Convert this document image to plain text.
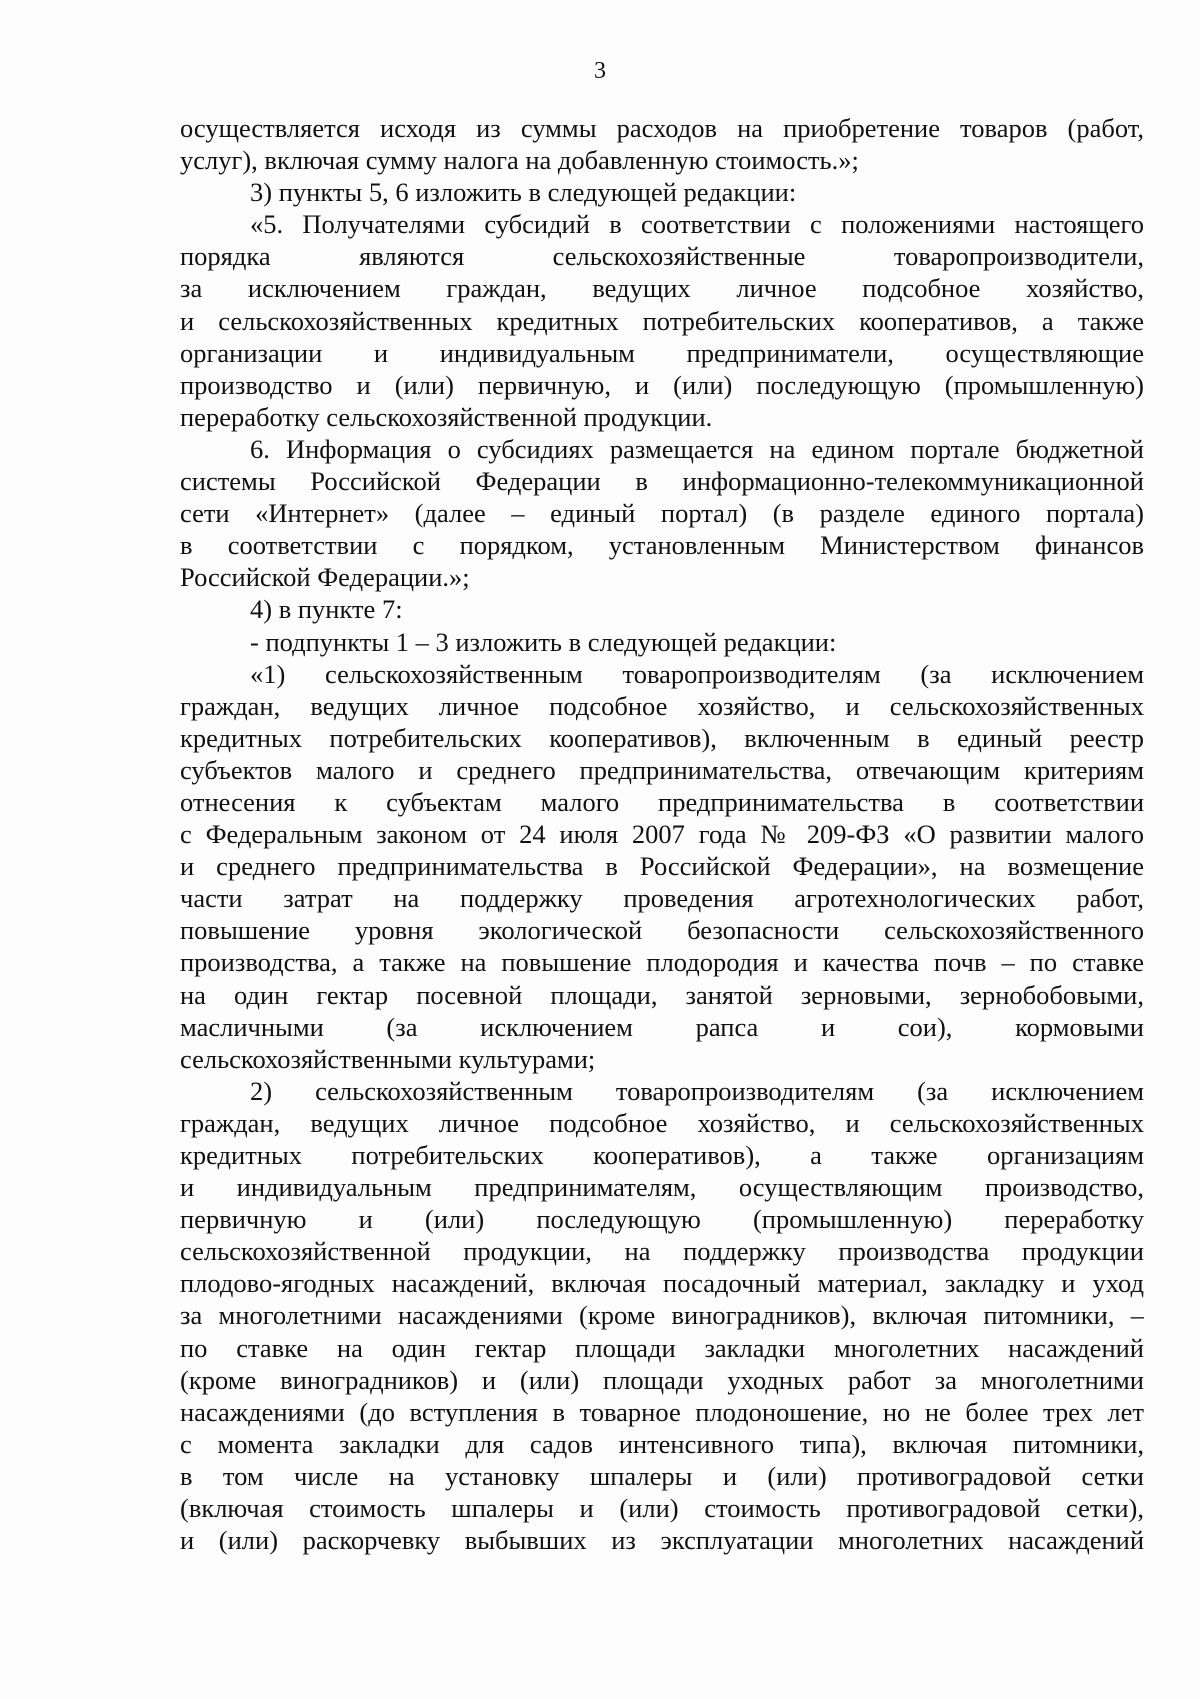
3
осуществляется исходя из суммы расходов на приобретение товаров (работ,
услуг), включая сумму налога на добавленную стоимость.»;
3) пункты 5, 6 изложить в следующей редакции:
«5. Получателями субсидий в соответствии с положениями настоящего
порядка являются сельскохозяйственные товаропроизводители,
за исключением граждан, ведущих личное подсобное хозяйство,
и сельскохозяйственных кредитных потребительских кооперативов, а также
организации и индивидуальным предприниматели, осуществляющие
производство и (или) первичную, и (или) последующую (промышленную)
переработку сельскохозяйственной продукции.
6. Информация о субсидиях размещается на едином портале бюджетной
системы Российской Федерации в информационно-телекоммуникационной
сети «Интернет» (далее – единый портал) (в разделе единого портала)
в соответствии с порядком, установленным Министерством финансов
Российской Федерации.»;
4) в пункте 7:
- подпункты 1 – 3 изложить в следующей редакции:
«1) сельскохозяйственным товаропроизводителям (за исключением
граждан, ведущих личное подсобное хозяйство, и сельскохозяйственных
кредитных потребительских кооперативов), включенным в единый реестр
субъектов малого и среднего предпринимательства, отвечающим критериям
отнесения к субъектам малого предпринимательства в соответствии
с Федеральным законом от 24 июля 2007 года № 209-ФЗ «О развитии малого
и среднего предпринимательства в Российской Федерации», на возмещение
части затрат на поддержку проведения агротехнологических работ,
повышение уровня экологической безопасности сельскохозяйственного
производства, а также на повышение плодородия и качества почв – по ставке
на один гектар посевной площади, занятой зерновыми, зернобобовыми,
масличными (за исключением рапса и сои), кормовыми
сельскохозяйственными культурами;
2) сельскохозяйственным товаропроизводителям (за исключением
граждан, ведущих личное подсобное хозяйство, и сельскохозяйственных
кредитных потребительских кооперативов), а также организациям
и индивидуальным предпринимателям, осуществляющим производство,
первичную и (или) последующую (промышленную) переработку
сельскохозяйственной продукции, на поддержку производства продукции
плодово-ягодных насаждений, включая посадочный материал, закладку и уход
за многолетними насаждениями (кроме виноградников), включая питомники, –
по ставке на один гектар площади закладки многолетних насаждений
(кроме виноградников) и (или) площади уходных работ за многолетними
насаждениями (до вступления в товарное плодоношение, но не более трех лет
с момента закладки для садов интенсивного типа), включая питомники,
в том числе на установку шпалеры и (или) противоградовой сетки
(включая стоимость шпалеры и (или) стоимость противоградовой сетки),
и (или) раскорчевку выбывших из эксплуатации многолетних насаждений
